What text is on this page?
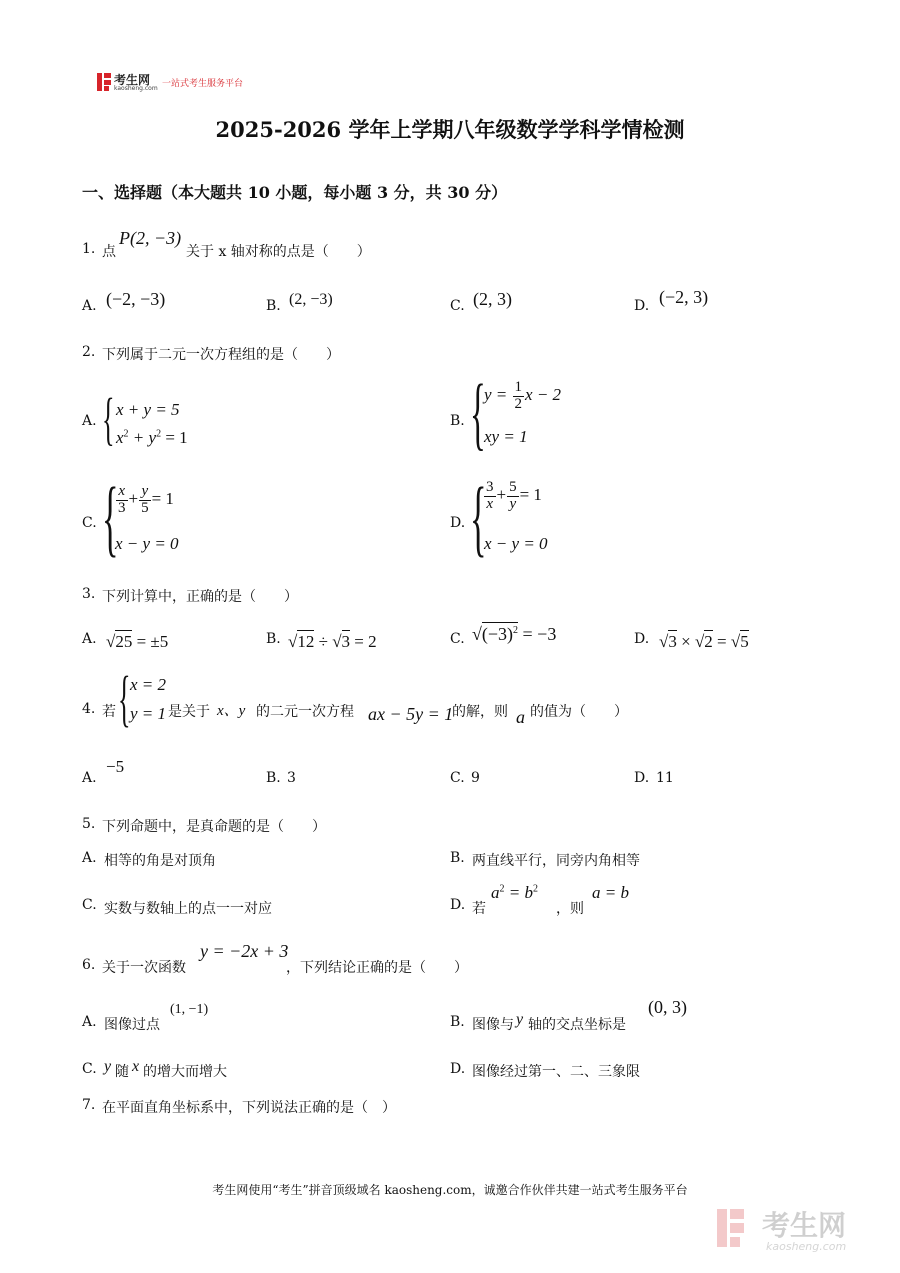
考生网
kaosheng.com 一站式考生服务平台
2025-2026 学年上学期八年级数学学科学情检测
一、选择题（本大题共 10 小题，每小题 3 分，共 30 分）
1. 点
P(2, −3)
关于 x 轴对称的点是（　　）
A. (−2, −3)	B. (2, −3)	C. (2, 3)	D. (−2, 3)
2. 下列属于二元一次方程组的是（　　）
A. { x + y = 5
$x^2 + y^2 = 1$
B. {
$y = \frac{1}{2}$ x − 2
xy = 1
C. {
$\frac{x}{3} + \frac{y}{5} = 1$
x − y = 0
D. {
$\frac{3}{x} + \frac{5}{y} = 1$
x − y = 0
3. 下列计算中，正确的是（　　）
A. √25 = ±5	B. √12 ÷ √3 = 2	C. $√(-3)^2 = -3$	D. √3 × √2 = √5
4. 若 { x = 2
y = 1 是关于 x、y 的二元一次方程 ax − 5y = 1
的解，则 a 的值为（　　）
A.
−5
B. 3	C. 9	D. 11
5. 下列命题中，是真命题的是（　　）
A. 相等的角是对顶角	B. 两直线平行，同旁内角相等
C. 实数与数轴上的点一一对应	D. 若
$a^2 = b^2$
，则
a = b
6. 关于一次函数
y = −2x + 3
，下列结论正确的是（　　）
A. 图像过点
(1, −1)
B. 图像与 y 轴的交点坐标是
(0, 3)
C. y 随 x 的增大而增大	D. 图像经过第一、二、三象限
7. 在平面直角坐标系中，下列说法正确的是（　）
考生网使用“考生”拼音顶级域名 kaosheng.com，诚邀合作伙伴共建一站式考生服务平台
考生网
kaosheng.com
